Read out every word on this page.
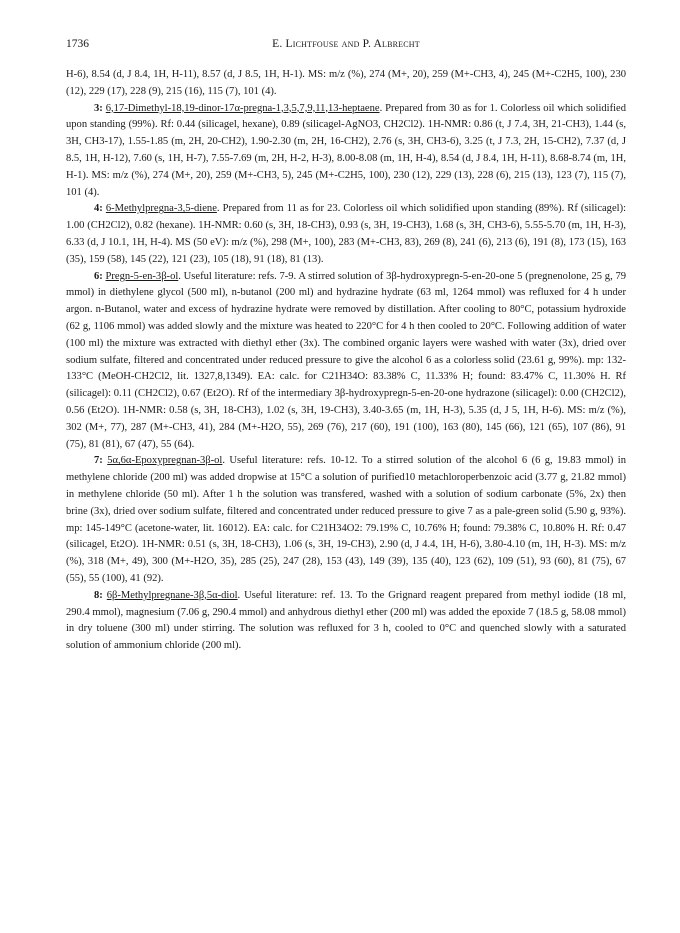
1736	E. Lichtfouse and P. Albrecht

H-6), 8.54 (d, J 8.4, 1H, H-11), 8.57 (d, J 8.5, 1H, H-1). MS: m/z (%), 274 (M+, 20), 259 (M+-CH3, 4), 245 (M+-C2H5, 100), 230 (12), 229 (17), 228 (9), 215 (16), 115 (7), 101 (4).

3: 6,17-Dimethyl-18,19-dinor-17α-pregna-1,3,5,7,9,11,13-heptaene. Prepared from 30 as for 1. Colorless oil which solidified upon standing (99%). Rf: 0.44 (silicagel, hexane), 0.89 (silicagel-AgNO3, CH2Cl2). 1H-NMR: 0.86 (t, J 7.4, 3H, 21-CH3), 1.44 (s, 3H, CH3-17), 1.55-1.85 (m, 2H, 20-CH2), 1.90-2.30 (m, 2H, 16-CH2), 2.76 (s, 3H, CH3-6), 3.25 (t, J 7.3, 2H, 15-CH2), 7.37 (d, J 8.5, 1H, H-12), 7.60 (s, 1H, H-7), 7.55-7.69 (m, 2H, H-2, H-3), 8.00-8.08 (m, 1H, H-4), 8.54 (d, J 8.4, 1H, H-11), 8.68-8.74 (m, 1H, H-1). MS: m/z (%), 274 (M+, 20), 259 (M+-CH3, 5), 245 (M+-C2H5, 100), 230 (12), 229 (13), 228 (6), 215 (13), 123 (7), 115 (7), 101 (4).

4: 6-Methylpregna-3,5-diene. Prepared from 11 as for 23. Colorless oil which solidified upon standing (89%). Rf (silicagel): 1.00 (CH2Cl2), 0.82 (hexane). 1H-NMR: 0.60 (s, 3H, 18-CH3), 0.93 (s, 3H, 19-CH3), 1.68 (s, 3H, CH3-6), 5.55-5.70 (m, 1H, H-3), 6.33 (d, J 10.1, 1H, H-4). MS (50 eV): m/z (%), 298 (M+, 100), 283 (M+-CH3, 83), 269 (8), 241 (6), 213 (6), 191 (8), 173 (15), 163 (35), 159 (58), 145 (22), 121 (23), 105 (18), 91 (18), 81 (13).

6: Pregn-5-en-3β-ol. Useful literature: refs. 7-9. A stirred solution of 3β-hydroxypregn-5-en-20-one 5 (pregnenolone, 25 g, 79 mmol) in diethylene glycol (500 ml), n-butanol (200 ml) and hydrazine hydrate (63 ml, 1264 mmol) was refluxed for 4 h under argon. n-Butanol, water and excess of hydrazine hydrate were removed by distillation. After cooling to 80°C, potassium hydroxide (62 g, 1106 mmol) was added slowly and the mixture was heated to 220°C for 4 h then cooled to 20°C. Following addition of water (100 ml) the mixture was extracted with diethyl ether (3x). The combined organic layers were washed with water (3x), dried over sodium sulfate, filtered and concentrated under reduced pressure to give the alcohol 6 as a colorless solid (23.61 g, 99%). mp: 132-133°C (MeOH-CH2Cl2, lit. 1327,8,1349). EA: calc. for C21H34O: 83.38% C, 11.33% H; found: 83.47% C, 11.30% H. Rf (silicagel): 0.11 (CH2Cl2), 0.67 (Et2O). Rf of the intermediary 3β-hydroxypregn-5-en-20-one hydrazone (silicagel): 0.00 (CH2Cl2), 0.56 (Et2O). 1H-NMR: 0.58 (s, 3H, 18-CH3), 1.02 (s, 3H, 19-CH3), 3.40-3.65 (m, 1H, H-3), 5.35 (d, J 5, 1H, H-6). MS: m/z (%), 302 (M+, 77), 287 (M+-CH3, 41), 284 (M+-H2O, 55), 269 (76), 217 (60), 191 (100), 163 (80), 145 (66), 121 (65), 107 (86), 91 (75), 81 (81), 67 (47), 55 (64).

7: 5α,6α-Epoxypregnan-3β-ol. Useful literature: refs. 10-12. To a stirred solution of the alcohol 6 (6 g, 19.83 mmol) in methylene chloride (200 ml) was added dropwise at 15°C a solution of purified10 metachloroperbenzoic acid (3.77 g, 21.82 mmol) in methylene chloride (50 ml). After 1 h the solution was transfered, washed with a solution of sodium carbonate (5%, 2x) then brine (3x), dried over sodium sulfate, filtered and concentrated under reduced pressure to give 7 as a pale-green solid (5.90 g, 93%). mp: 145-149°C (acetone-water, lit. 16012). EA: calc. for C21H34O2: 79.19% C, 10.76% H; found: 79.38% C, 10.80% H. Rf: 0.47 (silicagel, Et2O). 1H-NMR: 0.51 (s, 3H, 18-CH3), 1.06 (s, 3H, 19-CH3), 2.90 (d, J 4.4, 1H, H-6), 3.80-4.10 (m, 1H, H-3). MS: m/z (%), 318 (M+, 49), 300 (M+-H2O, 35), 285 (25), 247 (28), 153 (43), 149 (39), 135 (40), 123 (62), 109 (51), 93 (60), 81 (75), 67 (55), 55 (100), 41 (92).

8: 6β-Methylpregnane-3β,5α-diol. Useful literature: ref. 13. To the Grignard reagent prepared from methyl iodide (18 ml, 290.4 mmol), magnesium (7.06 g, 290.4 mmol) and anhydrous diethyl ether (200 ml) was added the epoxide 7 (18.5 g, 58.08 mmol) in dry toluene (300 ml) under stirring. The solution was refluxed for 3 h, cooled to 0°C and quenched slowly with a saturated solution of ammonium chloride (200 ml).
